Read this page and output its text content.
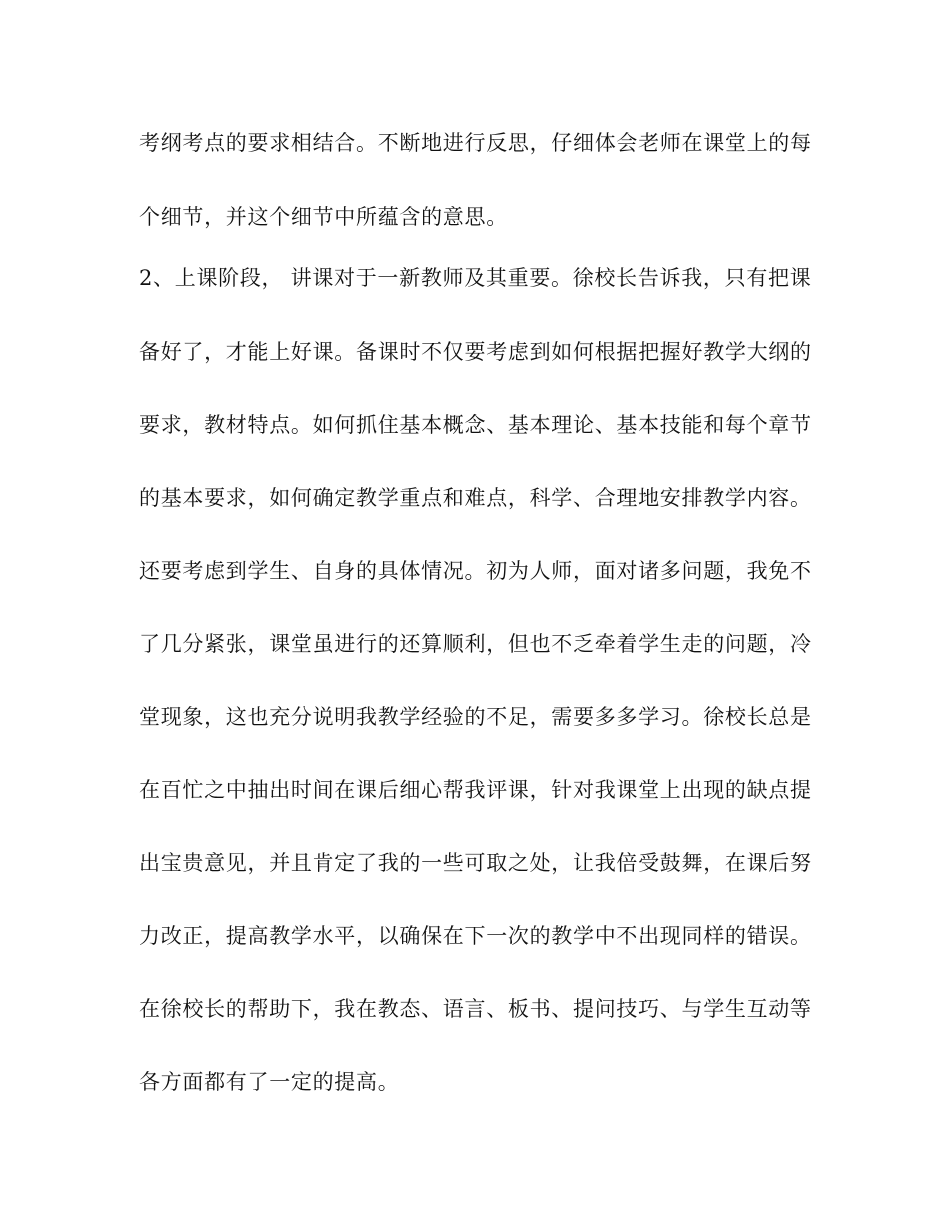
考纲考点的要求相结合。不断地进行反思，仔细体会老师在课堂上的每

个细节，并这个细节中所蕴含的意思。

2、上课阶段， 讲课对于一新教师及其重要。徐校长告诉我，只有把课

备好了，才能上好课。备课时不仅要考虑到如何根据把握好教学大纲的

要求，教材特点。如何抓住基本概念、基本理论、基本技能和每个章节

的基本要求，如何确定教学重点和难点，科学、合理地安排教学内容。

还要考虑到学生、自身的具体情况。初为人师，面对诸多问题，我免不

了几分紧张，课堂虽进行的还算顺利，但也不乏牵着学生走的问题，冷

堂现象，这也充分说明我教学经验的不足，需要多多学习。徐校长总是

在百忙之中抽出时间在课后细心帮我评课，针对我课堂上出现的缺点提

出宝贵意见，并且肯定了我的一些可取之处，让我倍受鼓舞，在课后努

力改正，提高教学水平，以确保在下一次的教学中不出现同样的错误。

在徐校长的帮助下，我在教态、语言、板书、提问技巧、与学生互动等

各方面都有了一定的提高。
